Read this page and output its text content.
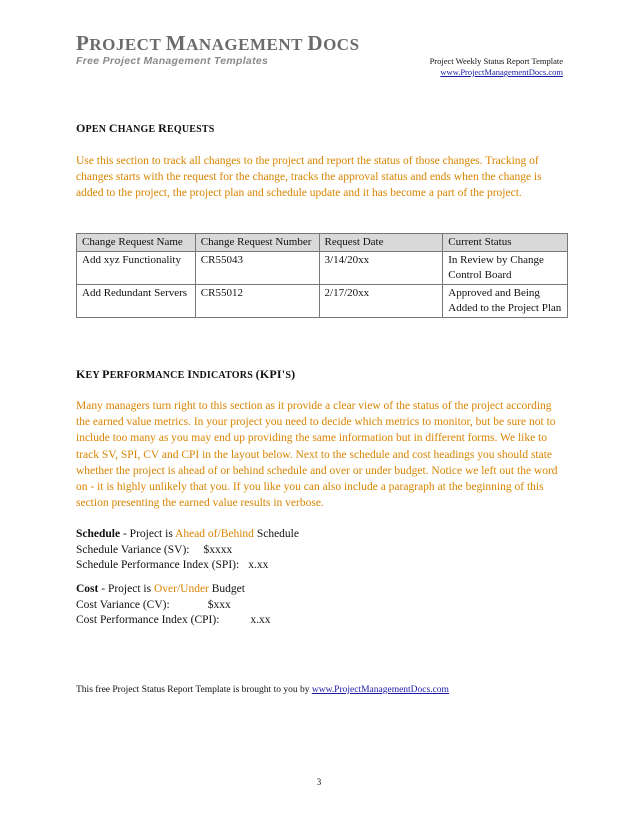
PROJECT MANAGEMENT DOCS
Free Project Management Templates	Project Weekly Status Report Template
www.ProjectManagementDocs.com
OPEN CHANGE REQUESTS
Use this section to track all changes to the project and report the status of those changes. Tracking of changes starts with the request for the change, tracks the approval status and ends when the change is added to the project, the project plan and schedule update and it has become a part of the project.
Change Request Name	Change Request Number	Request Date	Current Status
Add xyz Functionality	CR55043	3/14/20xx	In Review by Change Control Board
Add Redundant Servers	CR55012	2/17/20xx	Approved and Being Added to the Project Plan
KEY PERFORMANCE INDICATORS (KPI'S)
Many managers turn right to this section as it provide a clear view of the status of the project according the earned value metrics. In your project you need to decide which metrics to monitor, but be sure not to include too many as you may end up providing the same information but in different forms. We like to track SV, SPI, CV and CPI in the layout below. Next to the schedule and cost headings you should state whether the project is ahead of or behind schedule and over or under budget. Notice we left out the word on - it is highly unlikely that you. If you like you can also include a paragraph at the beginning of this section presenting the earned value results in verbose.
Schedule - Project is Ahead of/Behind Schedule
Schedule Variance (SV): $xxxx
Schedule Performance Index (SPI): x.xx
Cost - Project is Over/Under Budget
Cost Variance (CV):	$xxx
Cost Performance Index (CPI):	x.xx
This free Project Status Report Template is brought to you by www.ProjectManagementDocs.com
3
